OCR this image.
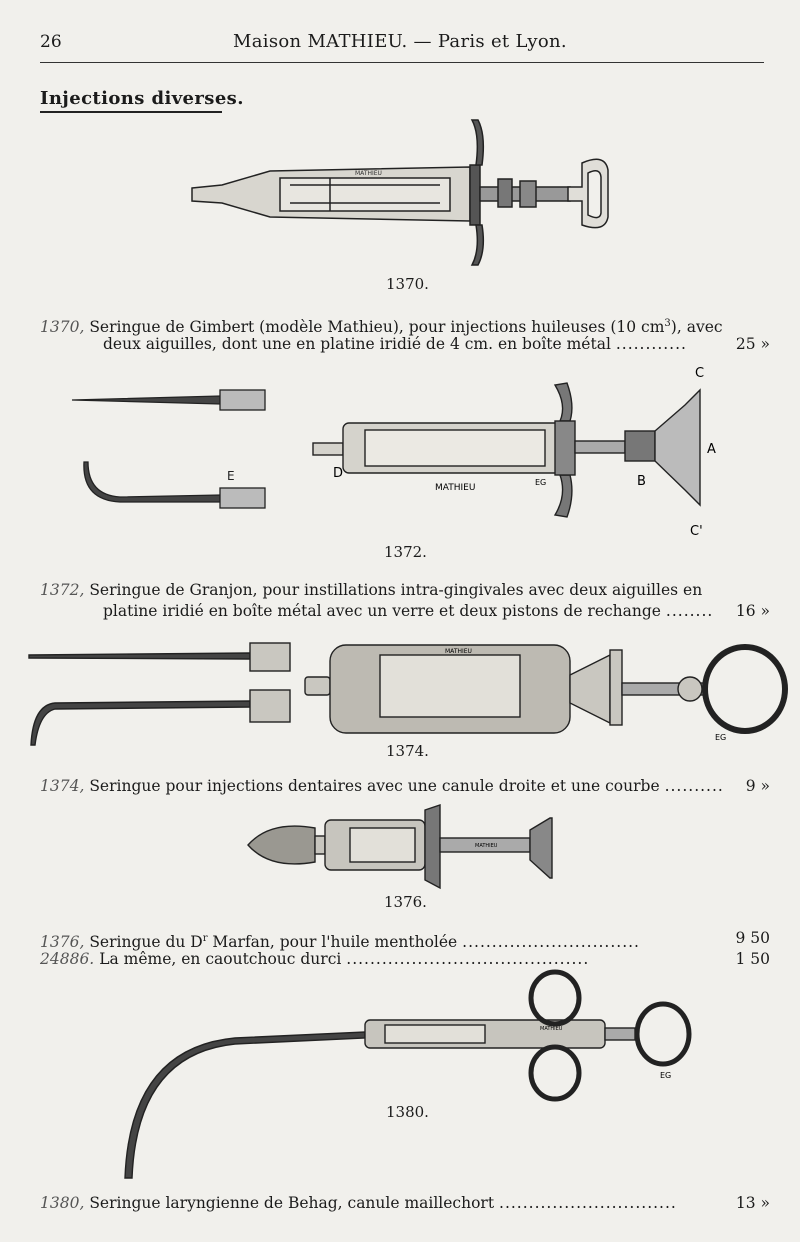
26	Maison MATHIEU. — Paris et Lyon.
Injections diverses.
MATHIEU
1370.
1370, Seringue de Gimbert (modèle Mathieu), pour injections huileuses (10 $cm^3$), avec
deux aiguilles, dont une en platine iridié de 4 cm. en boîte métal ............	25 »
E
C
A
B
C'
D
MATHIEU
EG
1372.
1372, Seringue de Granjon, pour instillations intra-gingivales avec deux aiguilles en
platine iridié en boîte métal avec un verre et deux pistons de rechange ........ 16 »
MATHIEU
EG
1374.
1374, Seringue pour injections dentaires avec une canule droite et une courbe .......... 9 »
MATHIEU
1376.
1376, Seringue du $D^r$ Marfan, pour l'huile mentholée ..............................	9 50
24886. La même, en caoutchouc durci .........................................	1 50
MATHIEU
EG
1380.
1380, Seringue laryngienne de Behag, canule maillechort ..............................	13 »
